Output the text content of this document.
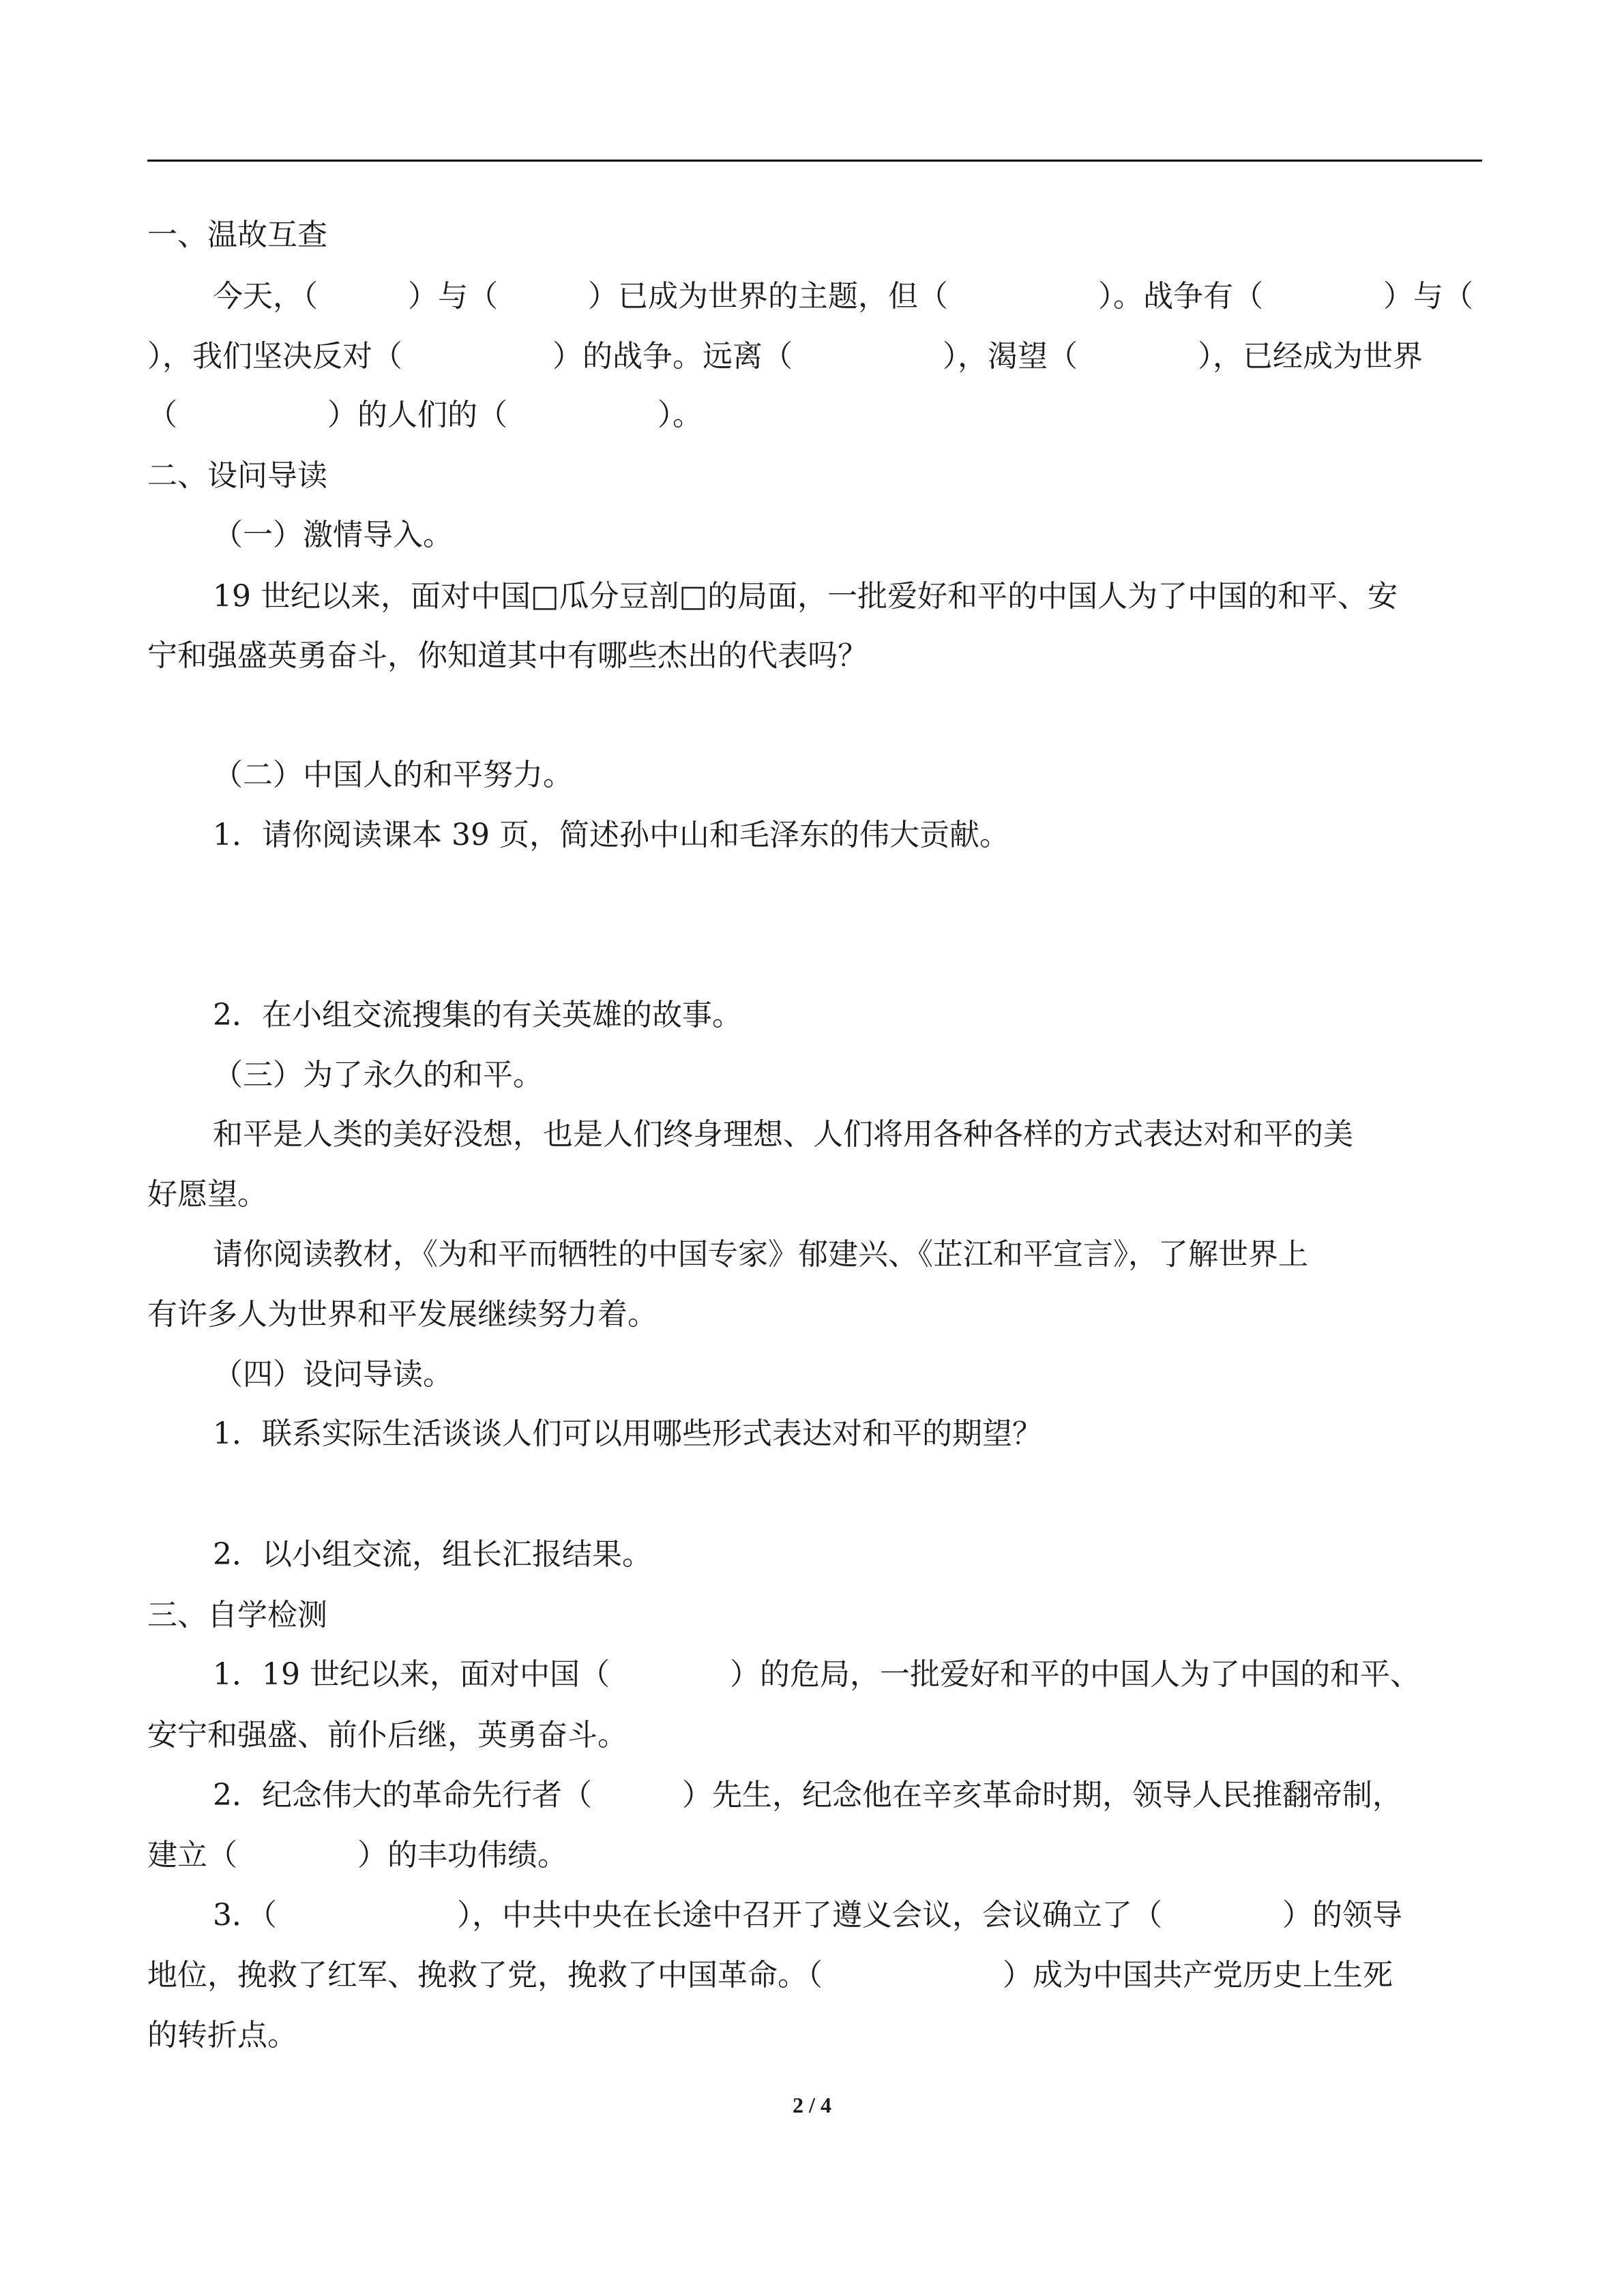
一、温故互查
今天，（　　　）与（　　　）已成为世界的主题，但（　　　　　）。战争有（　　　　）与（
），我们坚决反对（　　　　　）的战争。远离（　　　　　），渴望（　　　　），已经成为世界
（　　　　　）的人们的（　　　　　）。
二、设问导读
（一）激情导入。
19 世纪以来，面对中国□瓜分豆剖□的局面，一批爱好和平的中国人为了中国的和平、安
宁和强盛英勇奋斗，你知道其中有哪些杰出的代表吗？
（二）中国人的和平努力。
1．请你阅读课本 39 页，简述孙中山和毛泽东的伟大贡献。
2．在小组交流搜集的有关英雄的故事。
（三）为了永久的和平。
和平是人类的美好没想，也是人们终身理想、人们将用各种各样的方式表达对和平的美
好愿望。
请你阅读教材，《为和平而牺牲的中国专家》郁建兴、《芷江和平宣言》，了解世界上
有许多人为世界和平发展继续努力着。
（四）设问导读。
1．联系实际生活谈谈人们可以用哪些形式表达对和平的期望？
2．以小组交流，组长汇报结果。
三、自学检测
1．19 世纪以来，面对中国（　　　　）的危局，一批爱好和平的中国人为了中国的和平、
安宁和强盛、前仆后继，英勇奋斗。
2．纪念伟大的革命先行者（　　　）先生，纪念他在辛亥革命时期，领导人民推翻帝制，
建立（　　　　）的丰功伟绩。
3．（　　　　　　），中共中央在长途中召开了遵义会议，会议确立了（　　　　）的领导
地位，挽救了红军、挽救了党，挽救了中国革命。（　　　　　　）成为中国共产党历史上生死
的转折点。
2 / 4
